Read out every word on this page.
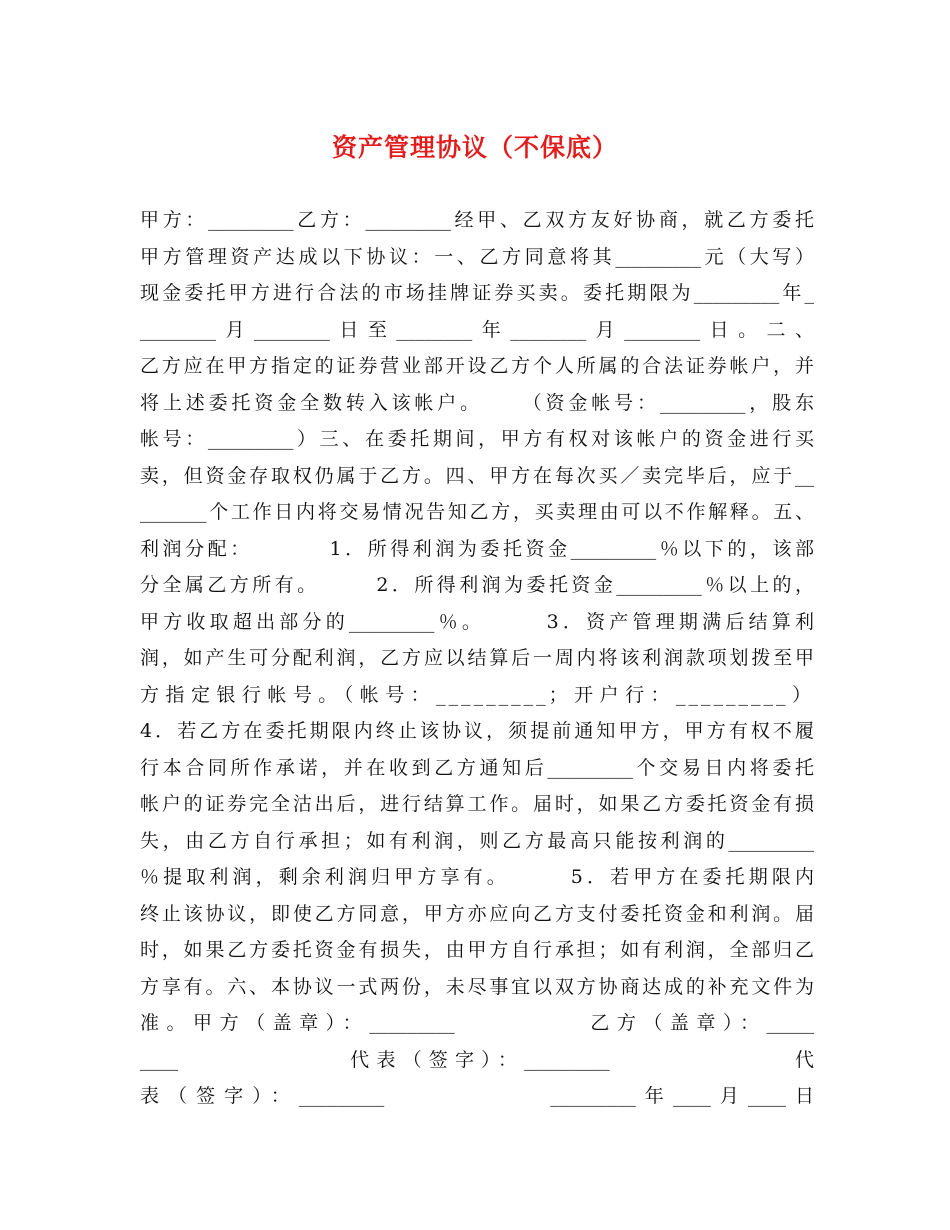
资产管理协议（不保底）
甲方：_________乙方：_________经甲、乙双方友好协商，就乙方委托
甲方管理资产达成以下协议：一、乙方同意将其_________元（大写）
现金委托甲方进行合法的市场挂牌证券买卖。委托期限为_________年_
________月________日至________年________月________日。二、
乙方应在甲方指定的证券营业部开设乙方个人所属的合法证券帐户，并
将上述委托资金全数转入该帐户。    （资金帐号：_________，股东
帐号：_________）三、在委托期间，甲方有权对该帐户的资金进行买
卖，但资金存取权仍属于乙方。四、甲方在每次买／卖完毕后，应于__
_______个工作日内将交易情况告知乙方，买卖理由可以不作解释。五、
利润分配：        1．所得利润为委托资金_________％以下的，该部
分全属乙方所有。      2．所得利润为委托资金_________％以上的，
甲方收取超出部分的_________％。      3．资产管理期满后结算利
润，如产生可分配利润，乙方应以结算后一周内将该利润款项划拨至甲
方指定银行帐号。（帐号：_________；开户行：_________）
4．若乙方在委托期限内终止该协议，须提前通知甲方，甲方有权不履
行本合同所作承诺，并在收到乙方通知后_________个交易日内将委托
帐户的证券完全沽出后，进行结算工作。届时，如果乙方委托资金有损
失，由乙方自行承担；如有利润，则乙方最高只能按利润的_________
％提取利润，剩余利润归甲方享有。      5．若甲方在委托期限内
终止该协议，即使乙方同意，甲方亦应向乙方支付委托资金和利润。届
时，如果乙方委托资金有损失，由甲方自行承担；如有利润，全部归乙
方享有。六、本协议一式两份，未尽事宜以双方协商达成的补充文件为
准。甲方（盖章）：_________          乙方（盖章）：_____
____             代表（签字）：_________              代
表（签字）：_________           _________年____月____日
